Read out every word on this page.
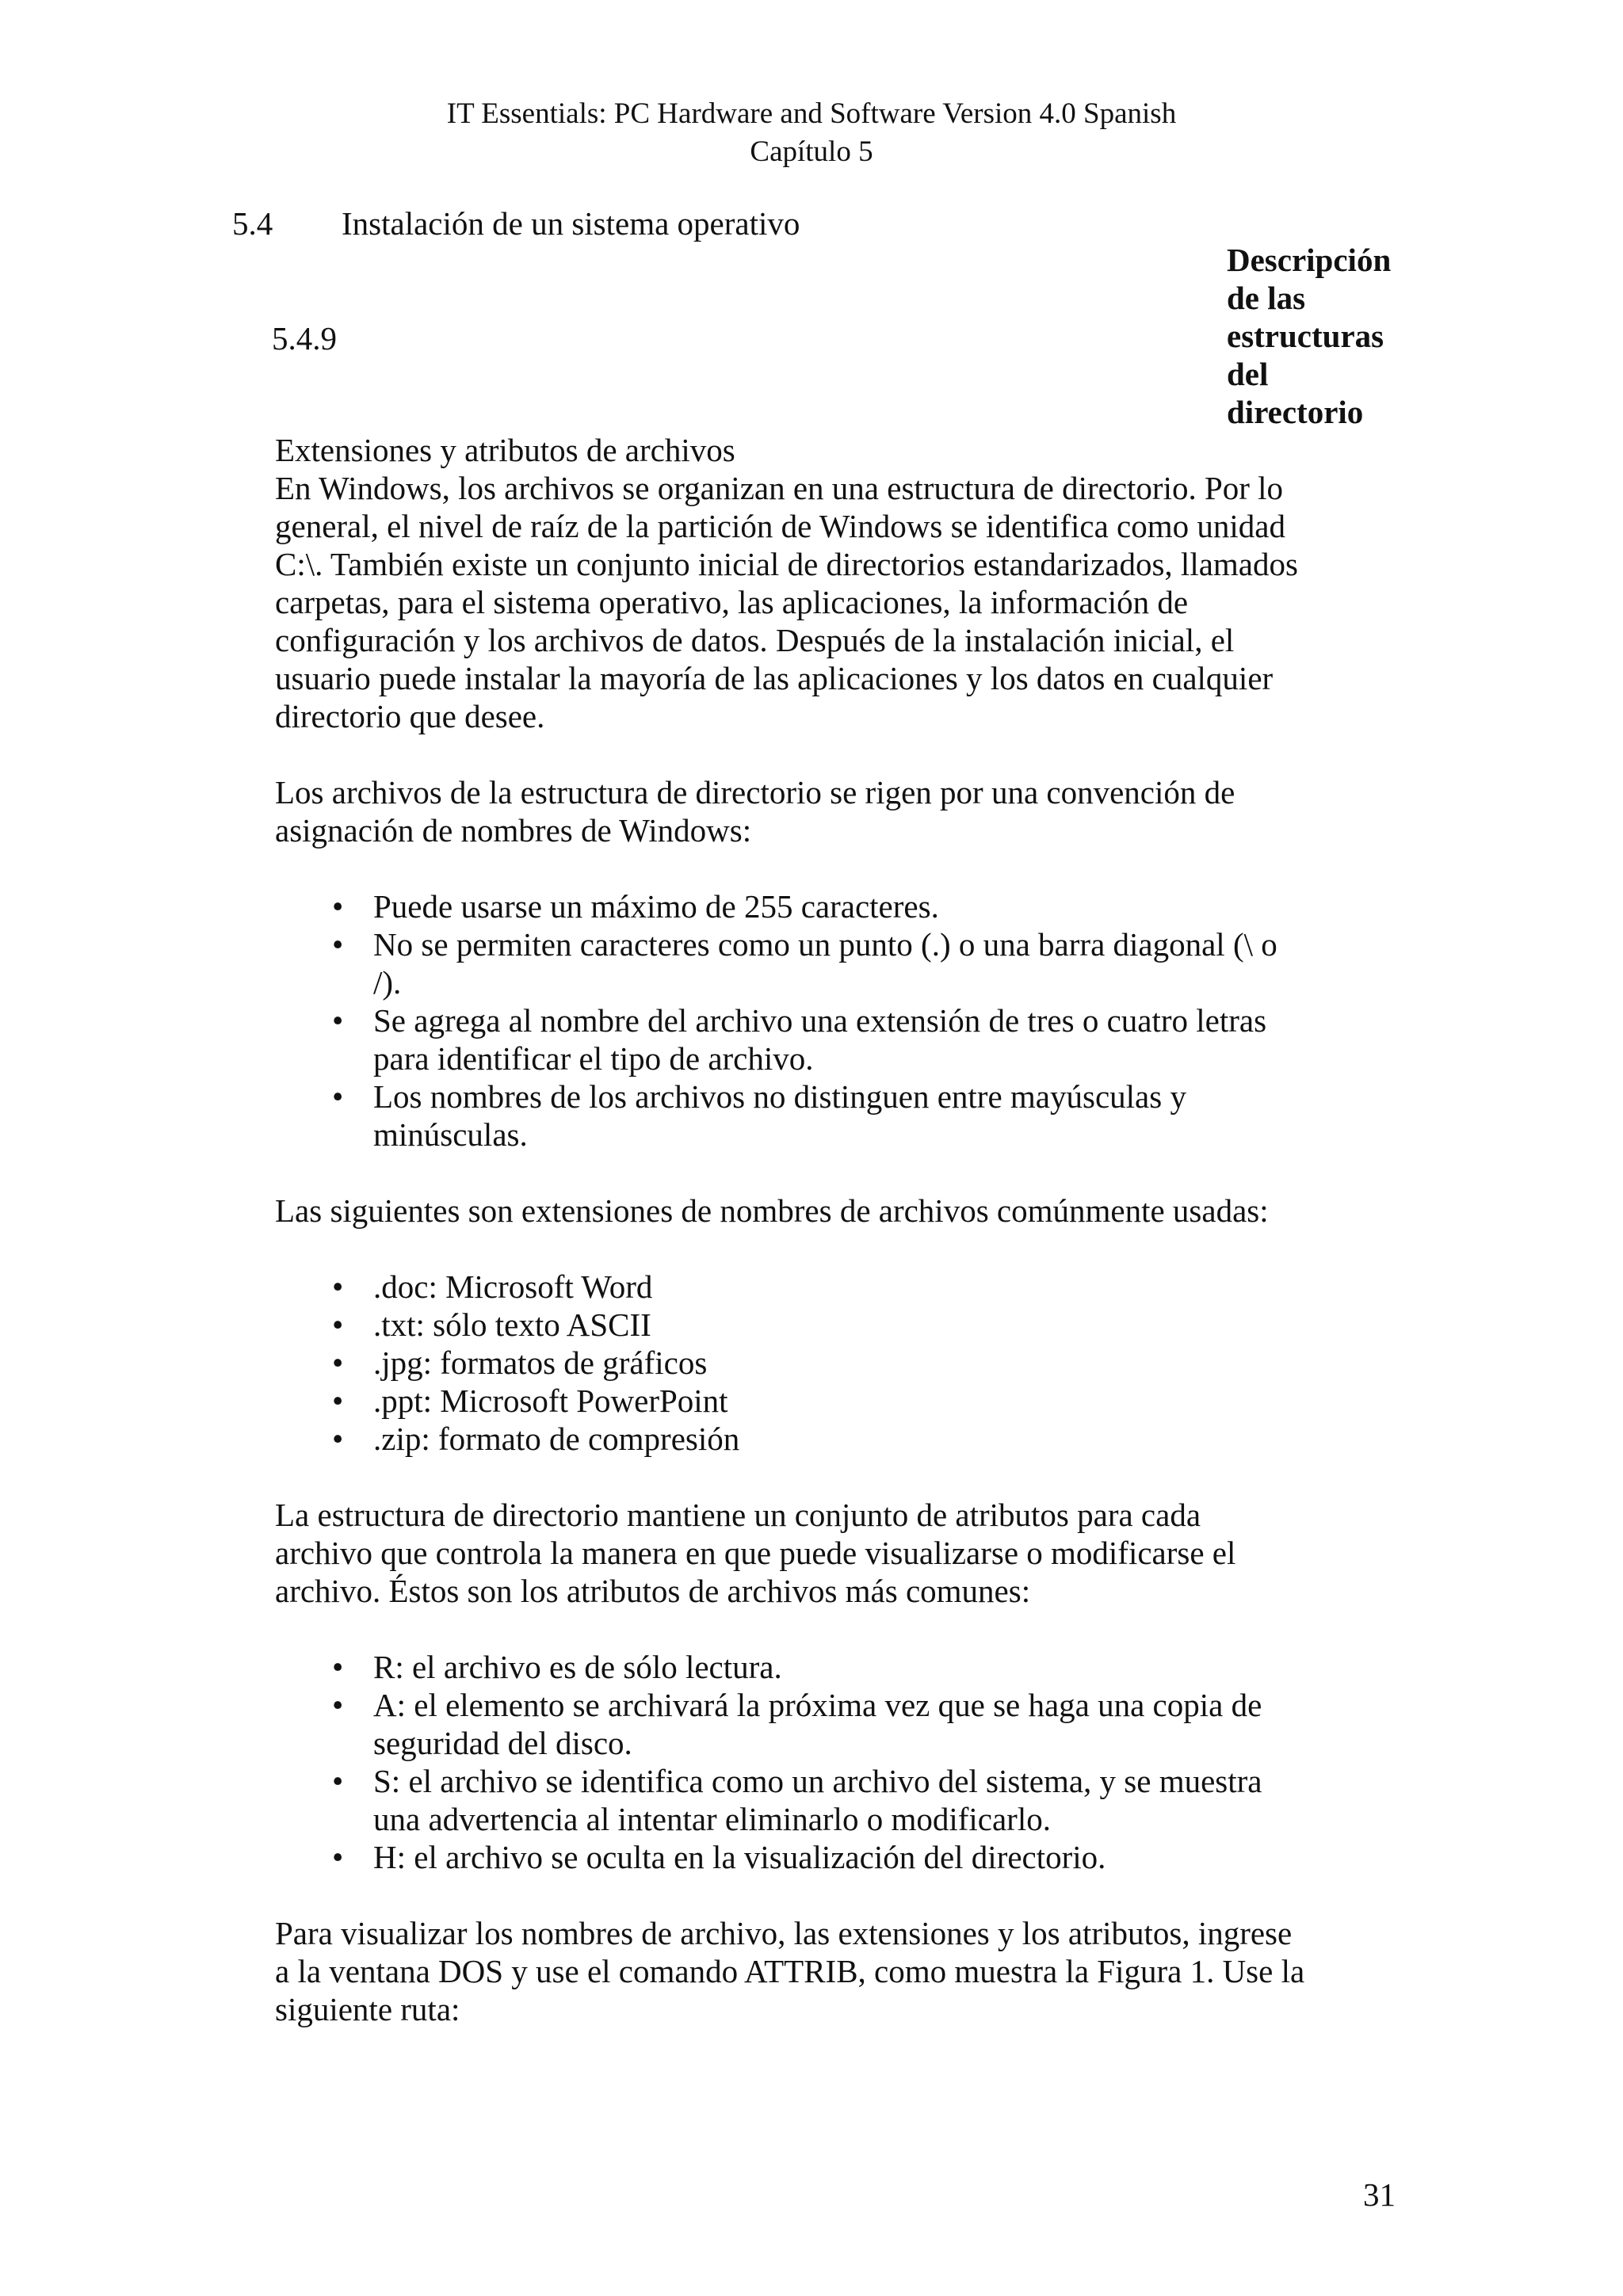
IT Essentials: PC Hardware and Software Version 4.0 Spanish
Capítulo 5
5.4 Instalación de un sistema operativo
5.4.9
Descripción
de las
estructuras
del
directorio

Extensiones y atributos de archivos

En Windows, los archivos se organizan en una estructura de directorio. Por lo general, el nivel de raíz de la partición de Windows se identifica como unidad C:\. También existe un conjunto inicial de directorios estandarizados, llamados carpetas, para el sistema operativo, las aplicaciones, la información de configuración y los archivos de datos. Después de la instalación inicial, el usuario puede instalar la mayoría de las aplicaciones y los datos en cualquier directorio que desee.

Los archivos de la estructura de directorio se rigen por una convención de asignación de nombres de Windows:

• Puede usarse un máximo de 255 caracteres.
• No se permiten caracteres como un punto (.) o una barra diagonal (\ o /).
• Se agrega al nombre del archivo una extensión de tres o cuatro letras para identificar el tipo de archivo.
• Los nombres de los archivos no distinguen entre mayúsculas y minúsculas.

Las siguientes son extensiones de nombres de archivos comúnmente usadas:

• .doc: Microsoft Word
• .txt: sólo texto ASCII
• .jpg: formatos de gráficos
• .ppt: Microsoft PowerPoint
• .zip: formato de compresión

La estructura de directorio mantiene un conjunto de atributos para cada archivo que controla la manera en que puede visualizarse o modificarse el archivo. Éstos son los atributos de archivos más comunes:

• R: el archivo es de sólo lectura.
• A: el elemento se archivará la próxima vez que se haga una copia de seguridad del disco.
• S: el archivo se identifica como un archivo del sistema, y se muestra una advertencia al intentar eliminarlo o modificarlo.
• H: el archivo se oculta en la visualización del directorio.

Para visualizar los nombres de archivo, las extensiones y los atributos, ingrese a la ventana DOS y use el comando ATTRIB, como muestra la Figura 1. Use la siguiente ruta:

31
